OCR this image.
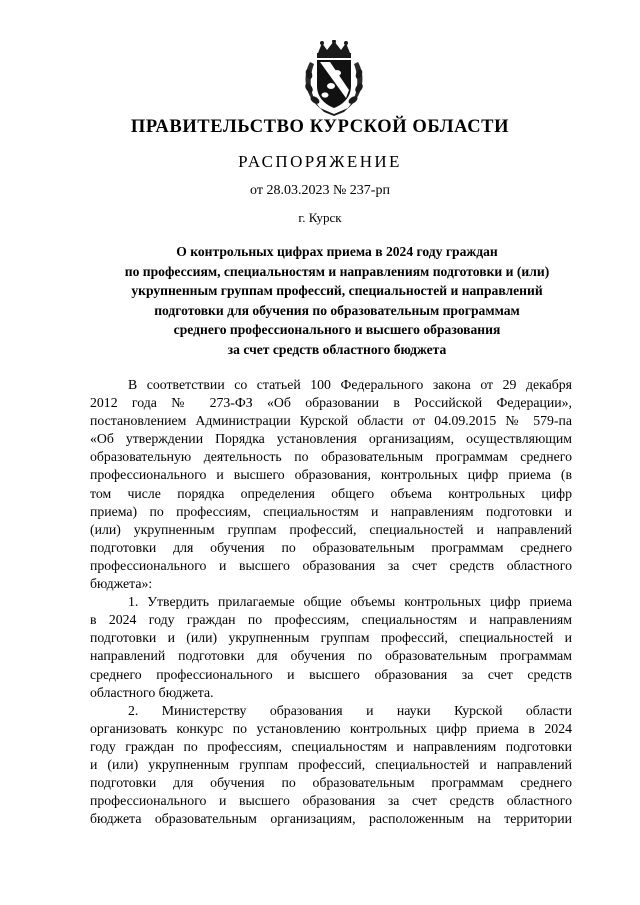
ПРАВИТЕЛЬСТВО КУРСКОЙ ОБЛАСТИ
РАСПОРЯЖЕНИЕ
от 28.03.2023 № 237-рп
г. Курск
О контрольных цифрах приема в 2024 году граждан
по профессиям, специальностям и направлениям подготовки и (или)
укрупненным группам профессий, специальностей и направлений
подготовки для обучения по образовательным программам
среднего профессионального и высшего образования
за счет средств областного бюджета
В соответствии со статьей 100 Федерального закона от 29 декабря
2012 года № 273-ФЗ «Об образовании в Российской Федерации»,
постановлением Администрации Курской области от 04.09.2015 № 579-па
«Об утверждении Порядка установления организациям, осуществляющим
образовательную деятельность по образовательным программам среднего
профессионального и высшего образования, контрольных цифр приема (в
том числе порядка определения общего объема контрольных цифр
приема) по профессиям, специальностям и направлениям подготовки и
(или) укрупненным группам профессий, специальностей и направлений
подготовки для обучения по образовательным программам среднего
профессионального и высшего образования за счет средств областного
бюджета»:
1. Утвердить прилагаемые общие объемы контрольных цифр приема
в 2024 году граждан по профессиям, специальностям и направлениям
подготовки и (или) укрупненным группам профессий, специальностей и
направлений подготовки для обучения по образовательным программам
среднего профессионального и высшего образования за счет средств
областного бюджета.
2. Министерству образования и науки Курской области
организовать конкурс по установлению контрольных цифр приема в 2024
году граждан по профессиям, специальностям и направлениям подготовки
и (или) укрупненным группам профессий, специальностей и направлений
подготовки для обучения по образовательным программам среднего
профессионального и высшего образования за счет средств областного
бюджета образовательным организациям, расположенным на территории
